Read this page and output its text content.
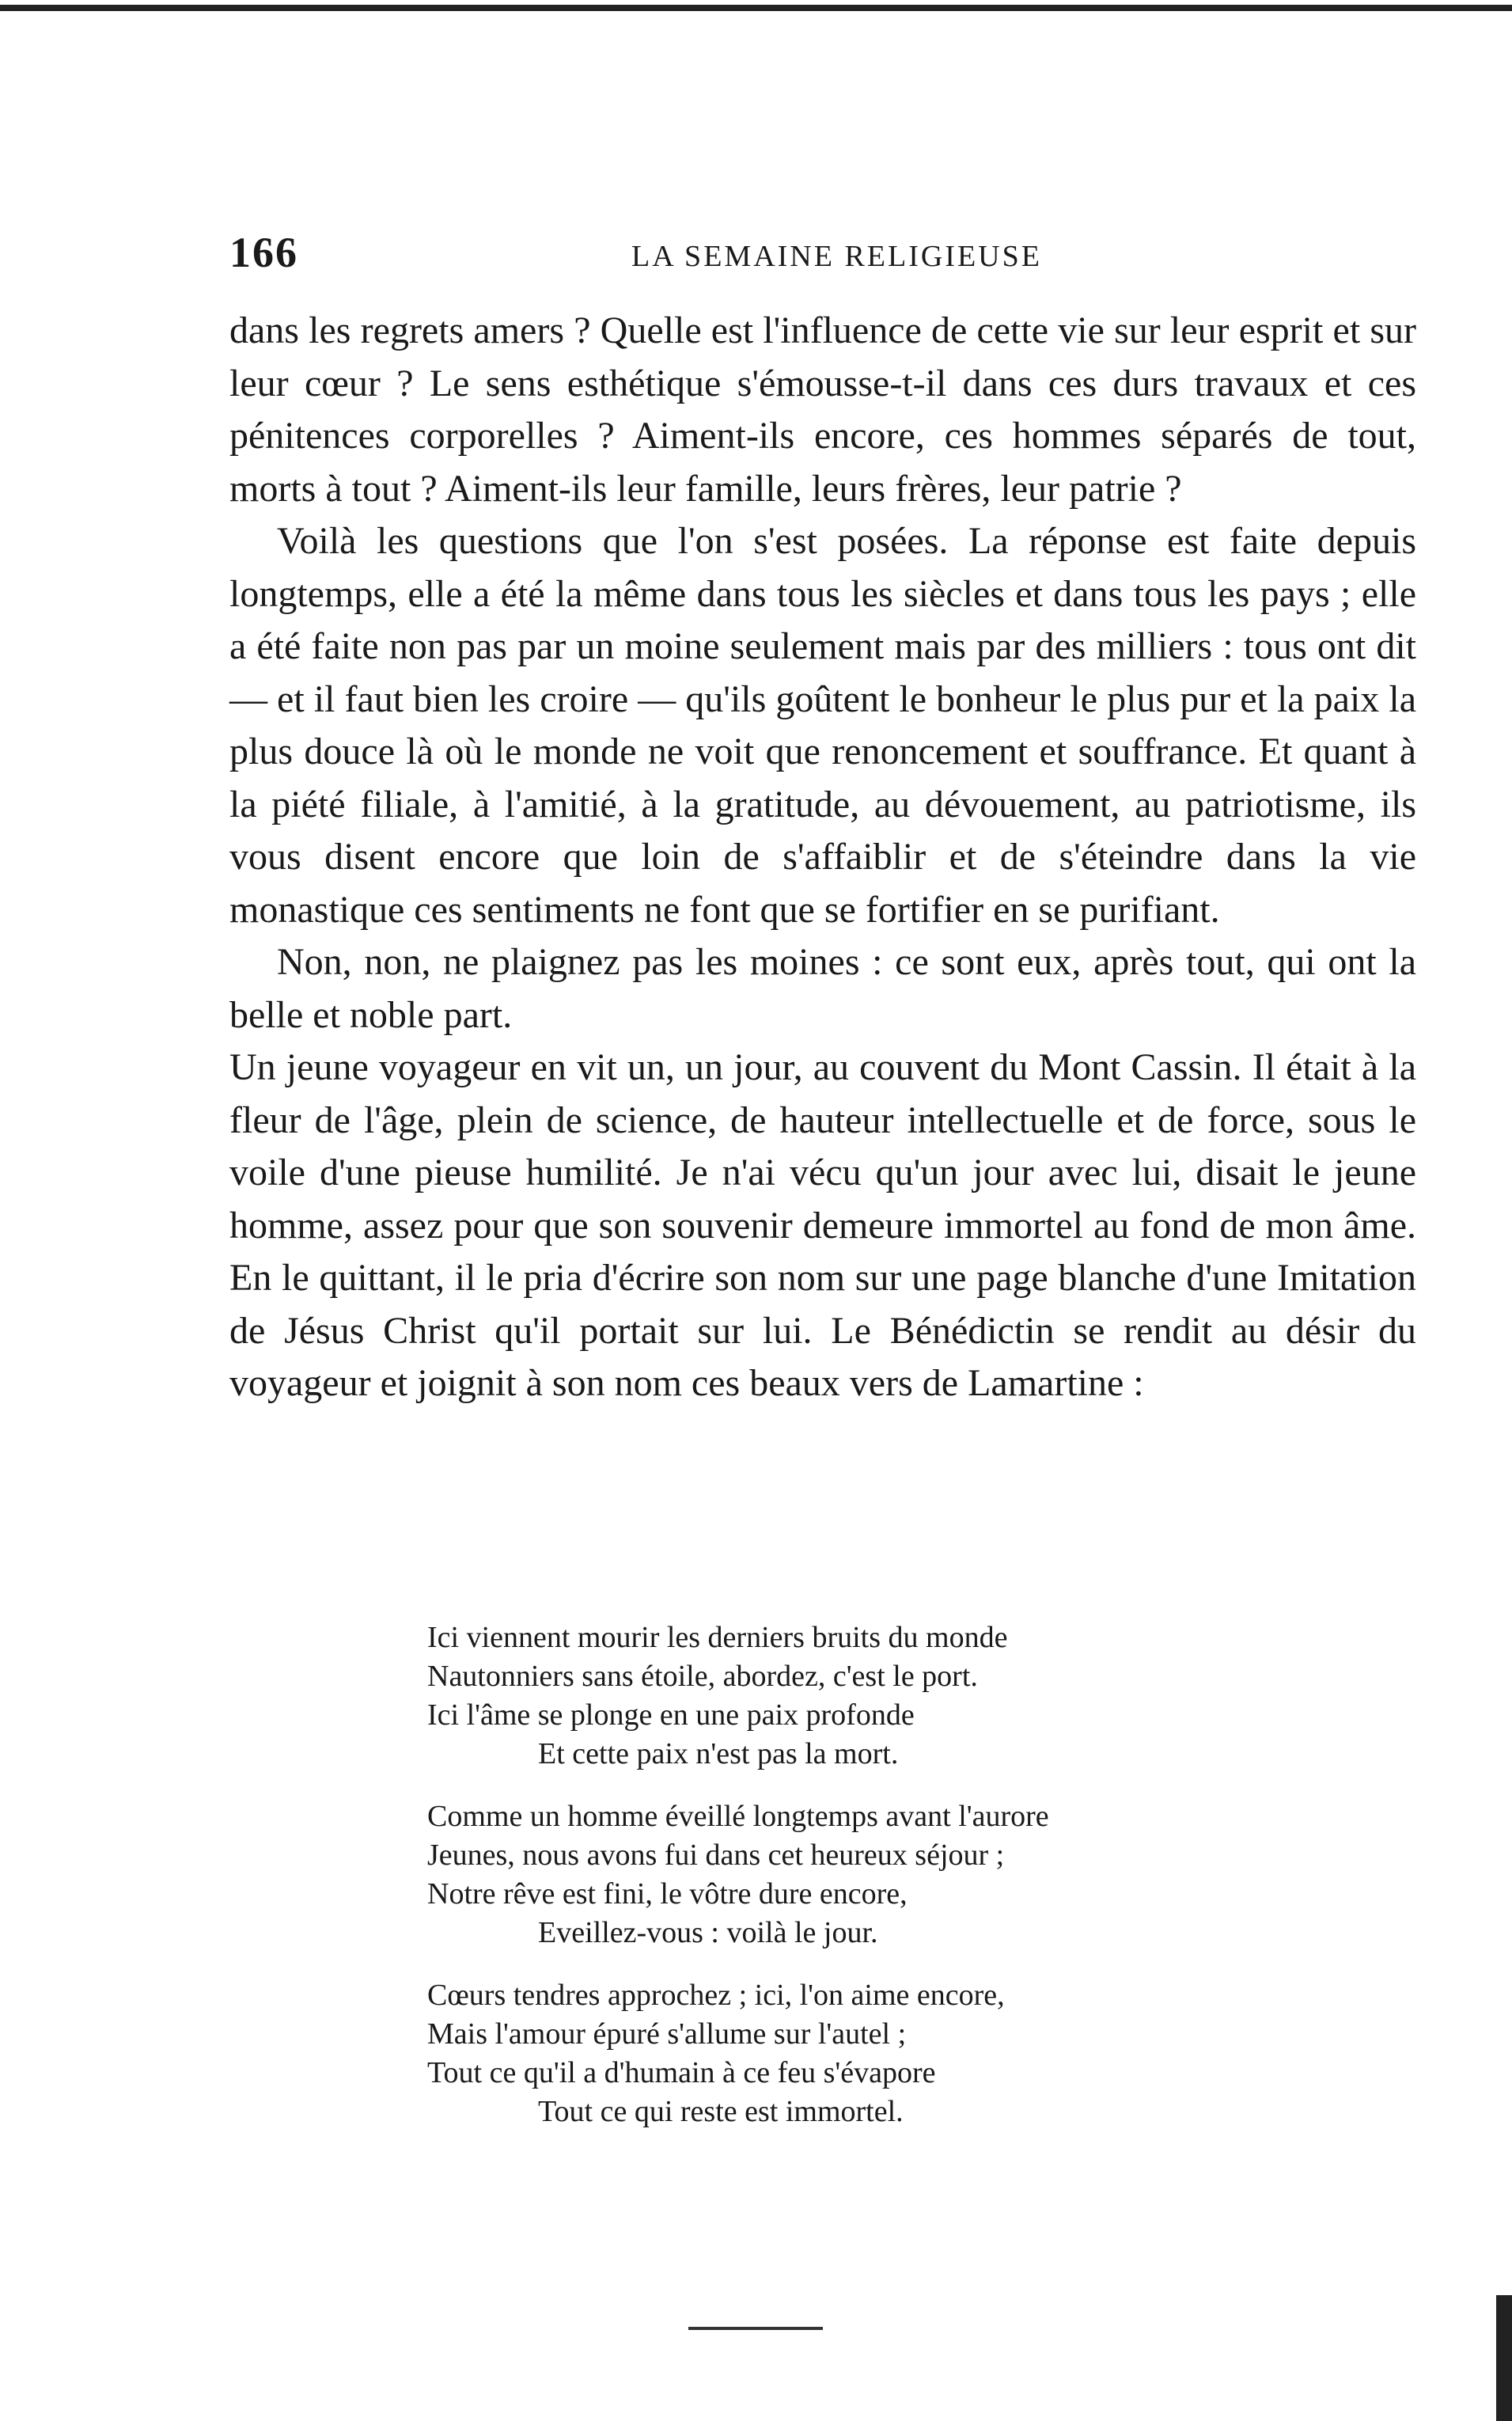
166	LA SEMAINE RELIGIEUSE

dans les regrets amers ? Quelle est l'influence de cette vie sur leur esprit et sur leur cœur ? Le sens esthétique s'émousse-t-il dans ces durs travaux et ces pénitences corporelles ? Aiment-ils encore, ces hommes séparés de tout, morts à tout ? Aiment-ils leur famille, leurs frères, leur patrie ?

Voilà les questions que l'on s'est posées. La réponse est faite depuis longtemps, elle a été la même dans tous les siècles et dans tous les pays ; elle a été faite non pas par un moine seulement mais par des milliers : tous ont dit — et il faut bien les croire — qu'ils goûtent le bonheur le plus pur et la paix la plus douce là où le monde ne voit que renoncement et souffrance. Et quant à la piété filiale, à l'amitié, à la gratitude, au dévouement, au patriotisme, ils vous disent encore que loin de s'affaiblir et de s'éteindre dans la vie monastique ces sentiments ne font que se fortifier en se purifiant.

Non, non, ne plaignez pas les moines : ce sont eux, après tout, qui ont la belle et noble part.

Un jeune voyageur en vit un, un jour, au couvent du Mont Cassin. Il était à la fleur de l'âge, plein de science, de hauteur intellectuelle et de force, sous le voile d'une pieuse humilité. Je n'ai vécu qu'un jour avec lui, disait le jeune homme, assez pour que son souvenir demeure immortel au fond de mon âme. En le quittant, il le pria d'écrire son nom sur une page blanche d'une Imitation de Jésus Christ qu'il portait sur lui. Le Bénédictin se rendit au désir du voyageur et joignit à son nom ces beaux vers de Lamartine :

Ici viennent mourir les derniers bruits du monde
Nautonniers sans étoile, abordez, c'est le port.
Ici l'âme se plonge en une paix profonde
Et cette paix n'est pas la mort.
Comme un homme éveillé longtemps avant l'aurore
Jeunes, nous avons fui dans cet heureux séjour ;
Notre rêve est fini, le vôtre dure encore,
Eveillez-vous : voilà le jour.
Cœurs tendres approchez ; ici, l'on aime encore,
Mais l'amour épuré s'allume sur l'autel ;
Tout ce qu'il a d'humain à ce feu s'évapore
Tout ce qui reste est immortel.
